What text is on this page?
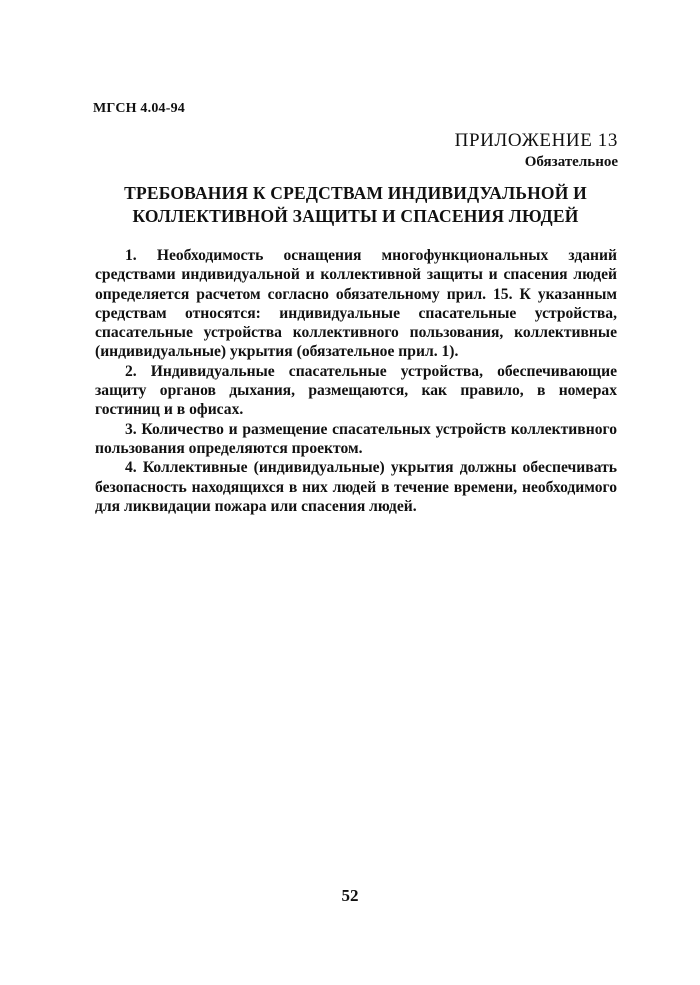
МГСН 4.04-94
ПРИЛОЖЕНИЕ 13
Обязательное
ТРЕБОВАНИЯ К СРЕДСТВАМ ИНДИВИДУАЛЬНОЙ И
КОЛЛЕКТИВНОЙ ЗАЩИТЫ И СПАСЕНИЯ ЛЮДЕЙ

1. Необходимость оснащения многофункциональных зданий средствами индивидуальной и коллективной защиты и спасения людей определяется расчетом согласно обязательному прил. 15. К указанным средствам относятся: индивидуальные спасательные устройства, спасательные устройства коллективного пользования, коллективные (индивидуальные) укрытия (обязательное прил. 1).

2. Индивидуальные спасательные устройства, обеспечивающие защиту органов дыхания, размещаются, как правило, в номерах гостиниц и в офисах.

3. Количество и размещение спасательных устройств коллективного пользования определяются проектом.

4. Коллективные (индивидуальные) укрытия должны обеспечивать безопасность находящихся в них людей в течение времени, необходимого для ликвидации пожара или спасения людей.

52
